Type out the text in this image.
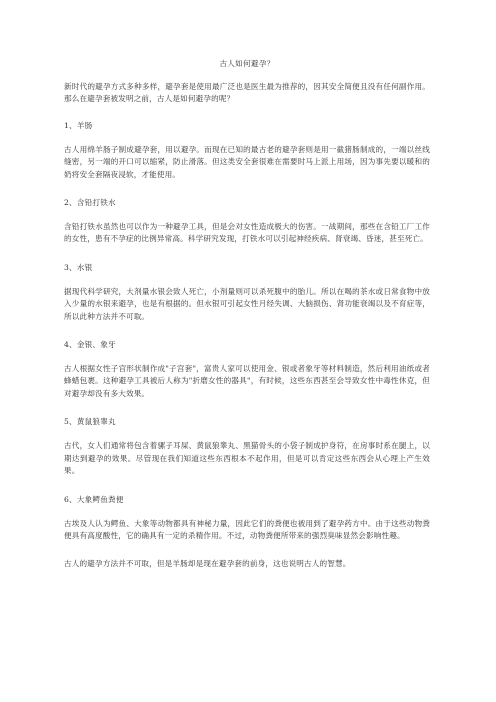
古人如何避孕？

新时代的避孕方式多种多样，避孕套是使用最广泛也是医生最为推荐的，因其安全简便且没有任何副作用。那么在避孕套被发明之前，古人是如何避孕的呢？

1、羊肠

古人用绵羊肠子制成避孕套，用以避孕。而现在已知的最古老的避孕套则是用一截猪肠制成的，一端以丝线缝密，另一端的开口可以缩紧，防止滑落。但这类安全套很难在需要时马上派上用场，因为事先要以暖和的奶将安全套隔夜浸软，才能使用。

2、含铅打铁水

含铅打铁水虽然也可以作为一种避孕工具，但是会对女性造成极大的伤害。一战期间，那些在含铅工厂工作的女性，患有不孕症的比例异常高。科学研究发现，打铁水可以引起神经疾病、肾衰竭、昏迷，甚至死亡。

3、水银

据现代科学研究，大剂量水银会致人死亡，小剂量则可以杀死腹中的胎儿。所以在喝的茶水或日常食物中放入少量的水银来避孕，也是有根据的。但水银可引起女性月经失调、大脑损伤、肾功能衰竭以及不育症等，所以此种方法并不可取。

4、金银、象牙

古人根据女性子宫形状制作成"子宫套"，富贵人家可以使用金、银或者象牙等材料制造，然后利用油纸或者蜂蜡包裹。这种避孕工具被后人称为"折磨女性的器具"，有时候，这些东西甚至会导致女性中毒性休克，但对避孕却没有多大效果。

5、黄鼠狼睾丸

古代，女人们通常将包含着骡子耳屎、黄鼠狼睾丸、黑猫骨头的小袋子制成护身符，在房事时系在腿上，以期达到避孕的效果。尽管现在我们知道这些东西根本不起作用，但是可以肯定这些东西会从心理上产生效果。

6、大象鳄鱼粪便

古埃及人认为鳄鱼、大象等动物都具有神秘力量，因此它们的粪便也被用到了避孕药方中。由于这些动物粪便具有高度酸性，它的确具有一定的杀精作用。不过，动物粪便所带来的强烈臭味显然会影响性趣。

古人的避孕方法并不可取，但是羊肠却是现在避孕套的前身，这也说明古人的智慧。
